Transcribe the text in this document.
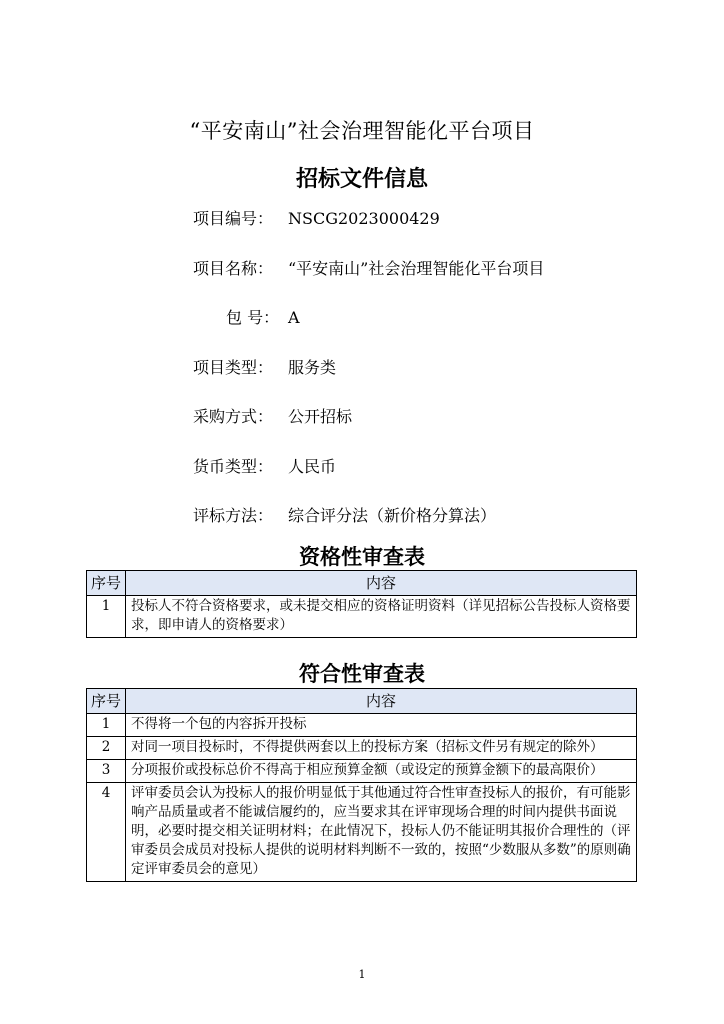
“平安南山”社会治理智能化平台项目
招标文件信息
项目编号： NSCG2023000429
项目名称： “平安南山”社会治理智能化平台项目
包 号： A
项目类型： 服务类
采购方式： 公开招标
货币类型： 人民币
评标方法： 综合评分法（新价格分算法）
资格性审查表
序号	内容
1	投标人不符合资格要求，或未提交相应的资格证明资料（详见招标公告投标人资格要求，即申请人的资格要求）
符合性审查表
序号	内容
1	不得将一个包的内容拆开投标
2	对同一项目投标时，不得提供两套以上的投标方案（招标文件另有规定的除外）
3	分项报价或投标总价不得高于相应预算金额（或设定的预算金额下的最高限价）
4	评审委员会认为投标人的报价明显低于其他通过符合性审查投标人的报价，有可能影响产品质量或者不能诚信履约的，应当要求其在评审现场合理的时间内提供书面说明，必要时提交相关证明材料；在此情况下，投标人仍不能证明其报价合理性的（评审委员会成员对投标人提供的说明材料判断不一致的，按照“少数服从多数”的原则确定评审委员会的意见）
1
